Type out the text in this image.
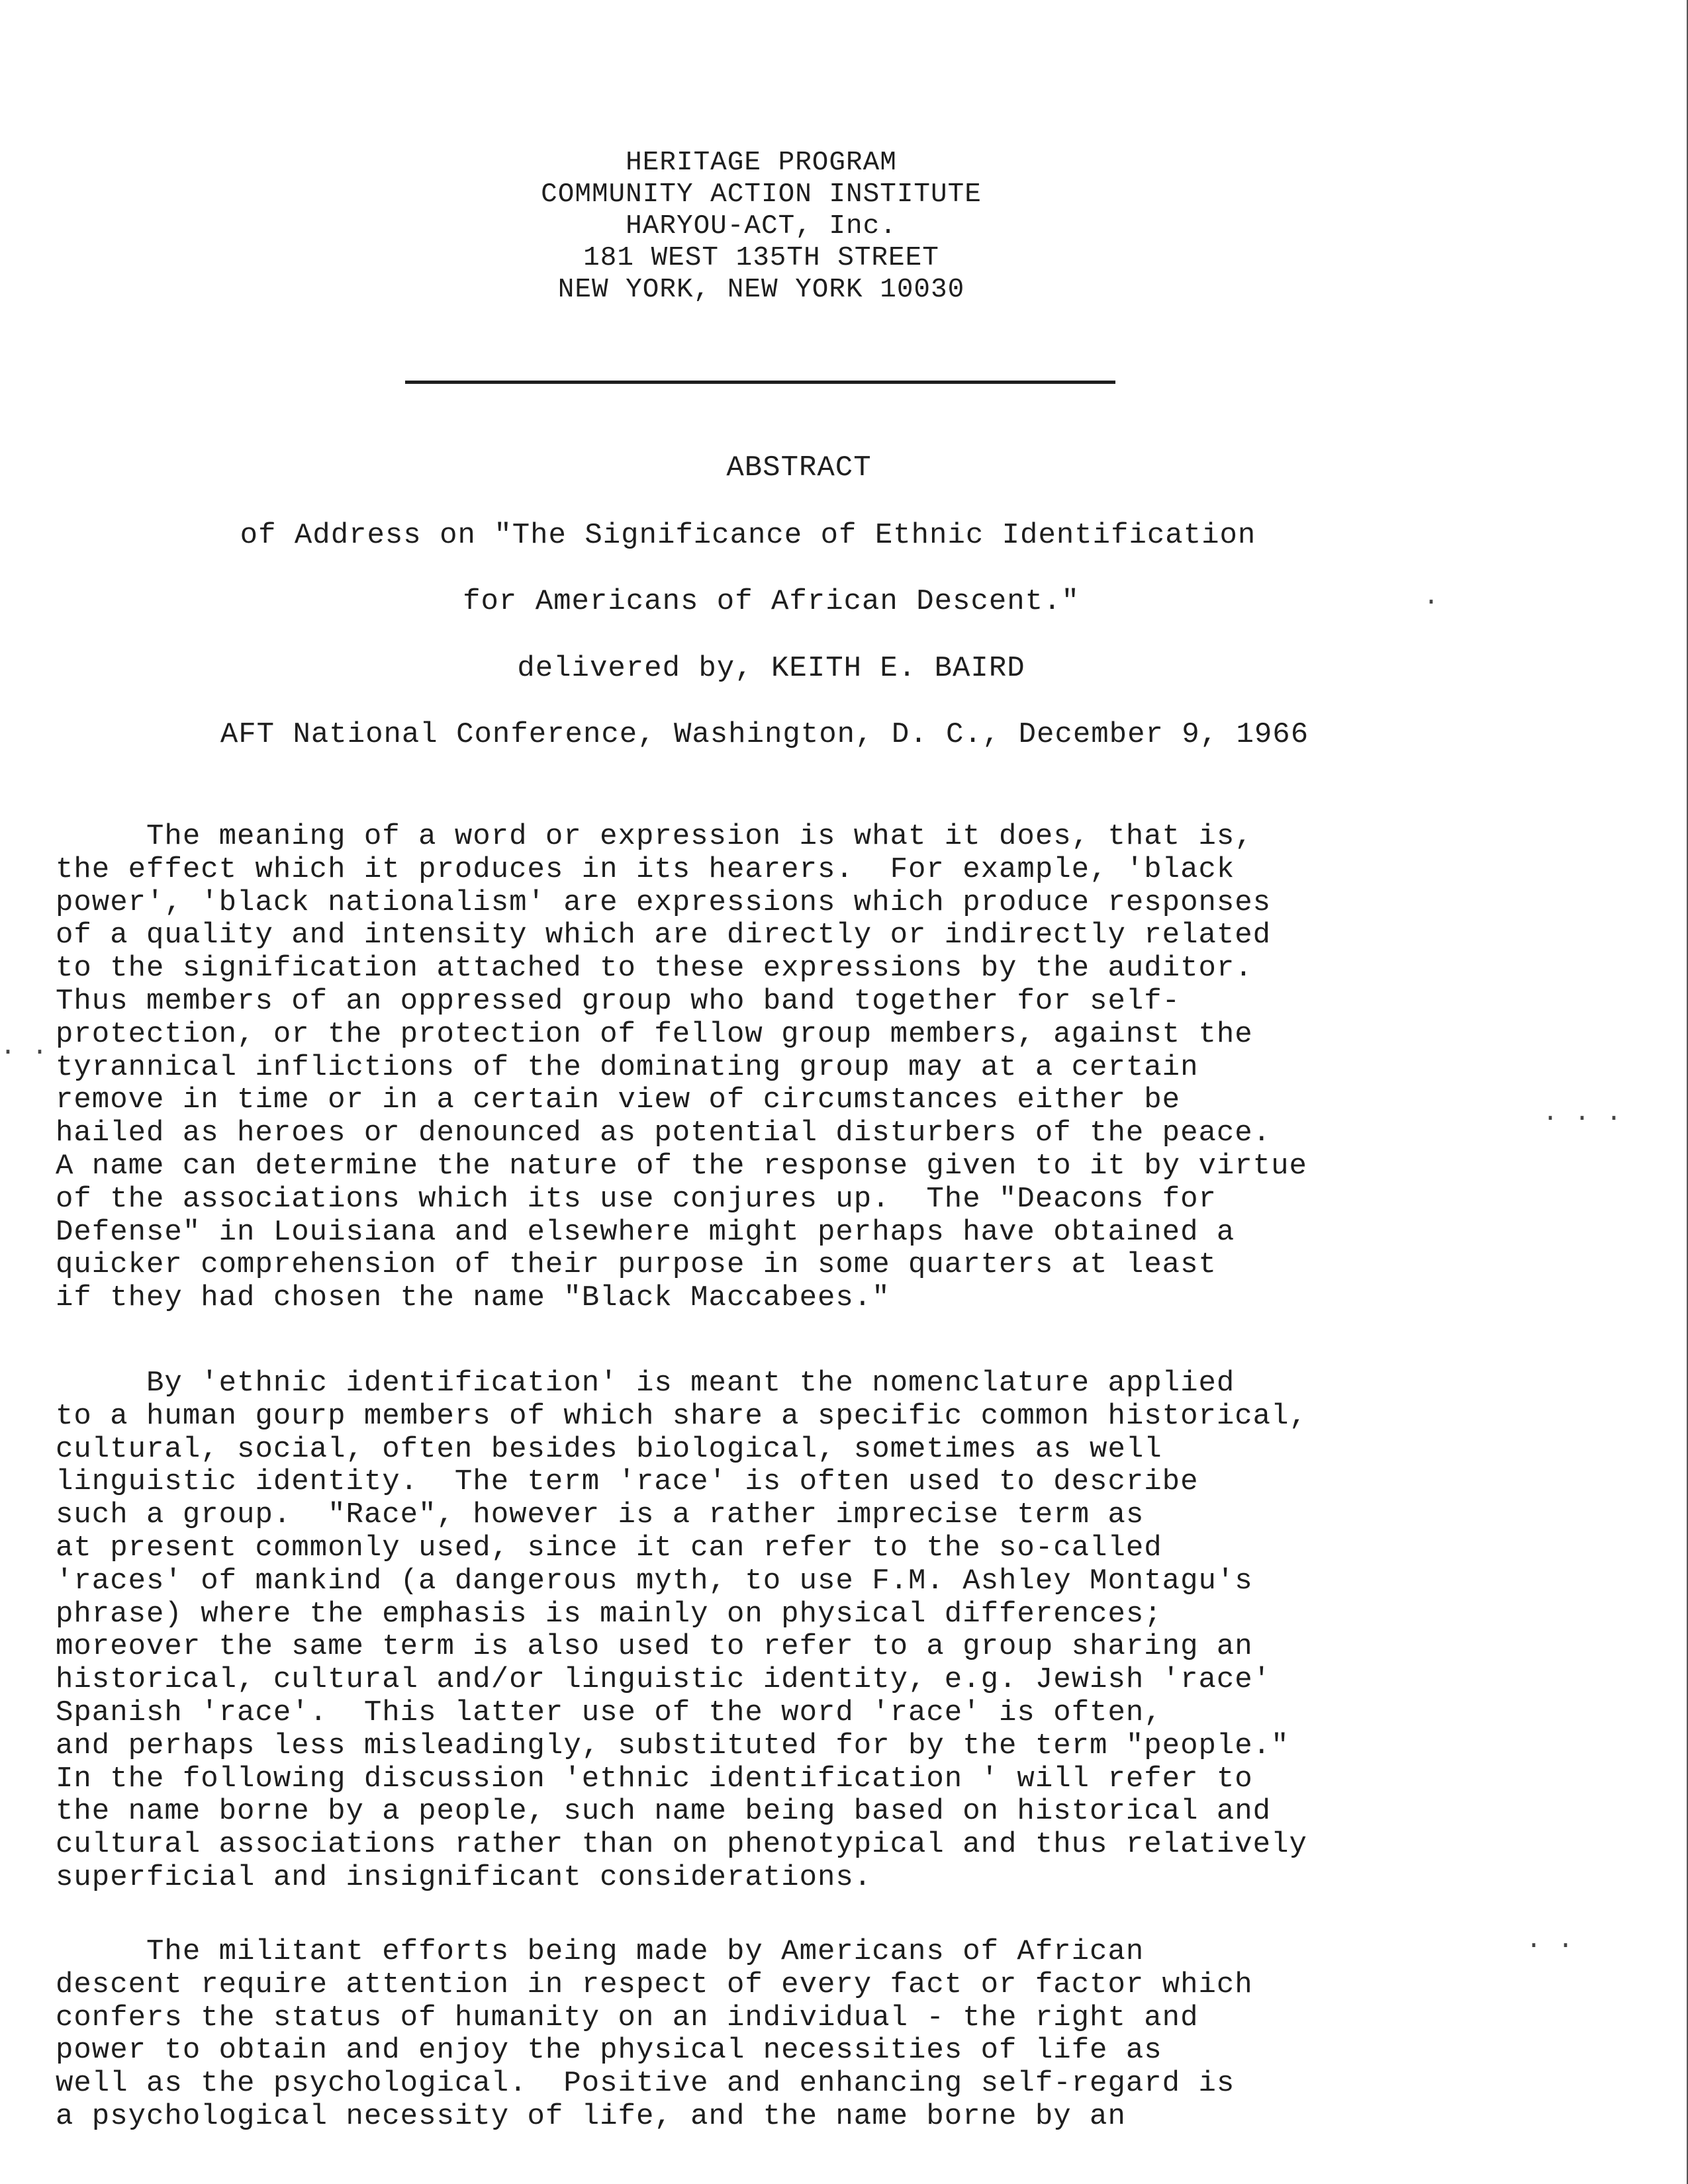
HERITAGE PROGRAM
COMMUNITY ACTION INSTITUTE
HARYOU-ACT, Inc.
181 WEST 135TH STREET
NEW YORK, NEW YORK 10030
ABSTRACT
of Address on "The Significance of Ethnic Identification
for Americans of African Descent."
delivered by, KEITH E. BAIRD
AFT National Conference, Washington, D. C., December 9, 1966
The meaning of a word or expression is what it does, that is,
the effect which it produces in its hearers.  For example, 'black
power', 'black nationalism' are expressions which produce responses
of a quality and intensity which are directly or indirectly related
to the signification attached to these expressions by the auditor.
Thus members of an oppressed group who band together for self-
protection, or the protection of fellow group members, against the
tyrannical inflictions of the dominating group may at a certain
remove in time or in a certain view of circumstances either be
hailed as heroes or denounced as potential disturbers of the peace.
A name can determine the nature of the response given to it by virtue
of the associations which its use conjures up.  The "Deacons for
Defense" in Louisiana and elsewhere might perhaps have obtained a
quicker comprehension of their purpose in some quarters at least
if they had chosen the name "Black Maccabees."
By 'ethnic identification' is meant the nomenclature applied
to a human gourp members of which share a specific common historical,
cultural, social, often besides biological, sometimes as well
linguistic identity.  The term 'race' is often used to describe
such a group.  "Race", however is a rather imprecise term as
at present commonly used, since it can refer to the so-called
'races' of mankind (a dangerous myth, to use F.M. Ashley Montagu's
phrase) where the emphasis is mainly on physical differences;
moreover the same term is also used to refer to a group sharing an
historical, cultural and/or linguistic identity, e.g. Jewish 'race'
Spanish 'race'.  This latter use of the word 'race' is often,
and perhaps less misleadingly, substituted for by the term "people."
In the following discussion 'ethnic identification ' will refer to
the name borne by a people, such name being based on historical and
cultural associations rather than on phenotypical and thus relatively
superficial and insignificant considerations.
The militant efforts being made by Americans of African
descent require attention in respect of every fact or factor which
confers the status of humanity on an individual - the right and
power to obtain and enjoy the physical necessities of life as
well as the psychological.  Positive and enhancing self-regard is
a psychological necessity of life, and the name borne by an
. . .
. .
.
. .
